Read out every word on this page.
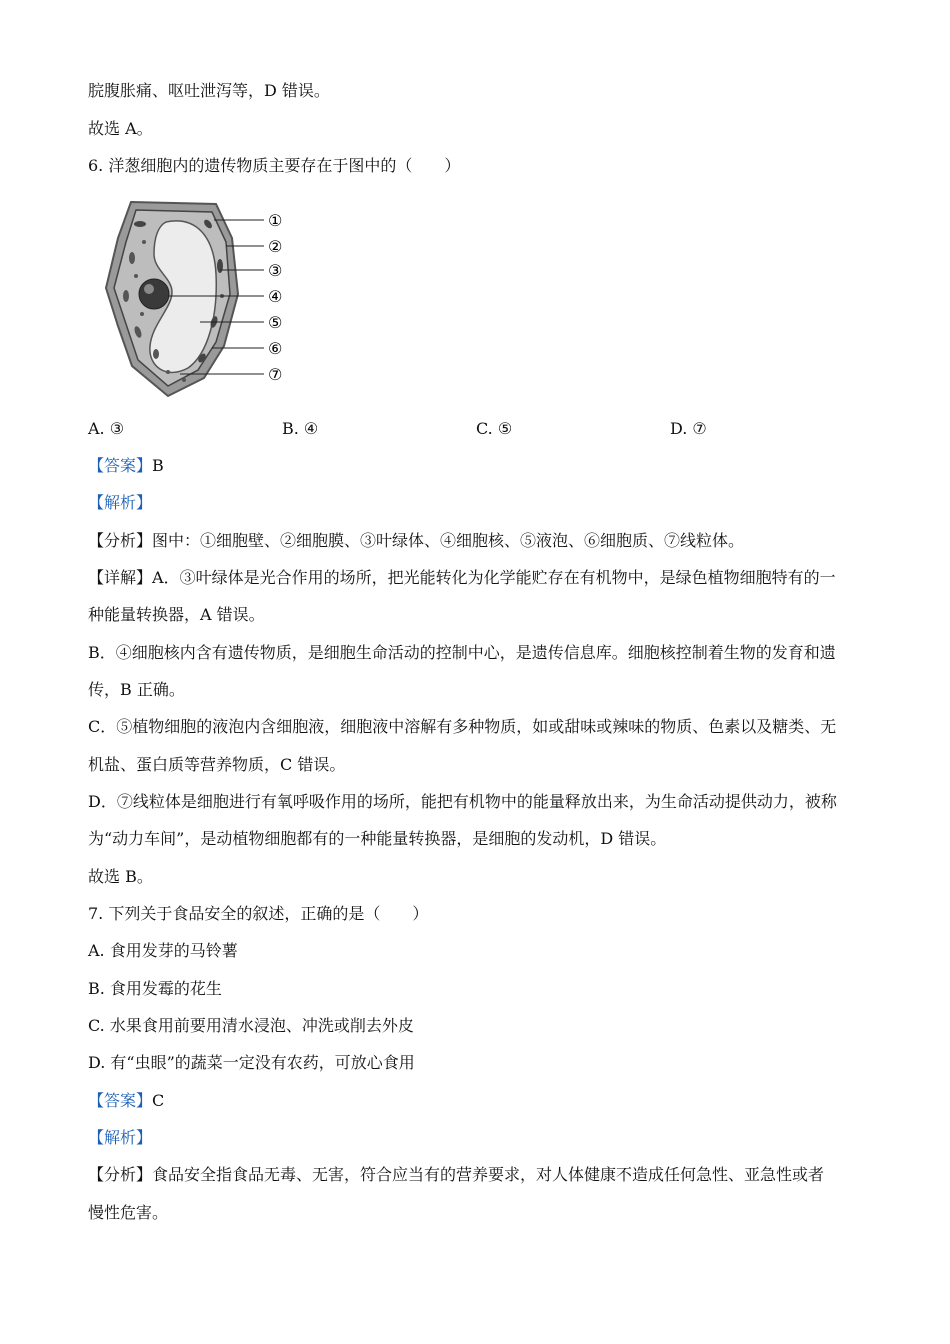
脘腹胀痛、呕吐泄泻等，D 错误。
故选 A。
6. 洋葱细胞内的遗传物质主要存在于图中的（　　）
①
②
③
④
⑤
⑥
⑦
A. ③	B. ④	C. ⑤	D. ⑦
【答案】B
【解析】
【分析】图中：①细胞壁、②细胞膜、③叶绿体、④细胞核、⑤液泡、⑥细胞质、⑦线粒体。
【详解】A．③叶绿体是光合作用的场所，把光能转化为化学能贮存在有机物中，是绿色植物细胞特有的一
种能量转换器，A 错误。
B．④细胞核内含有遗传物质，是细胞生命活动的控制中心，是遗传信息库。细胞核控制着生物的发育和遗
传，B 正确。
C．⑤植物细胞的液泡内含细胞液，细胞液中溶解有多种物质，如或甜味或辣味的物质、色素以及糖类、无
机盐、蛋白质等营养物质，C 错误。
D．⑦线粒体是细胞进行有氧呼吸作用的场所，能把有机物中的能量释放出来，为生命活动提供动力，被称
为“动力车间”，是动植物细胞都有的一种能量转换器，是细胞的发动机，D 错误。
故选 B。
7. 下列关于食品安全的叙述，正确的是（　　）
A. 食用发芽的马铃薯
B. 食用发霉的花生
C. 水果食用前要用清水浸泡、冲洗或削去外皮
D. 有“虫眼”的蔬菜一定没有农药，可放心食用
【答案】C
【解析】
【分析】食品安全指食品无毒、无害，符合应当有的营养要求，对人体健康不造成任何急性、亚急性或者
慢性危害。
